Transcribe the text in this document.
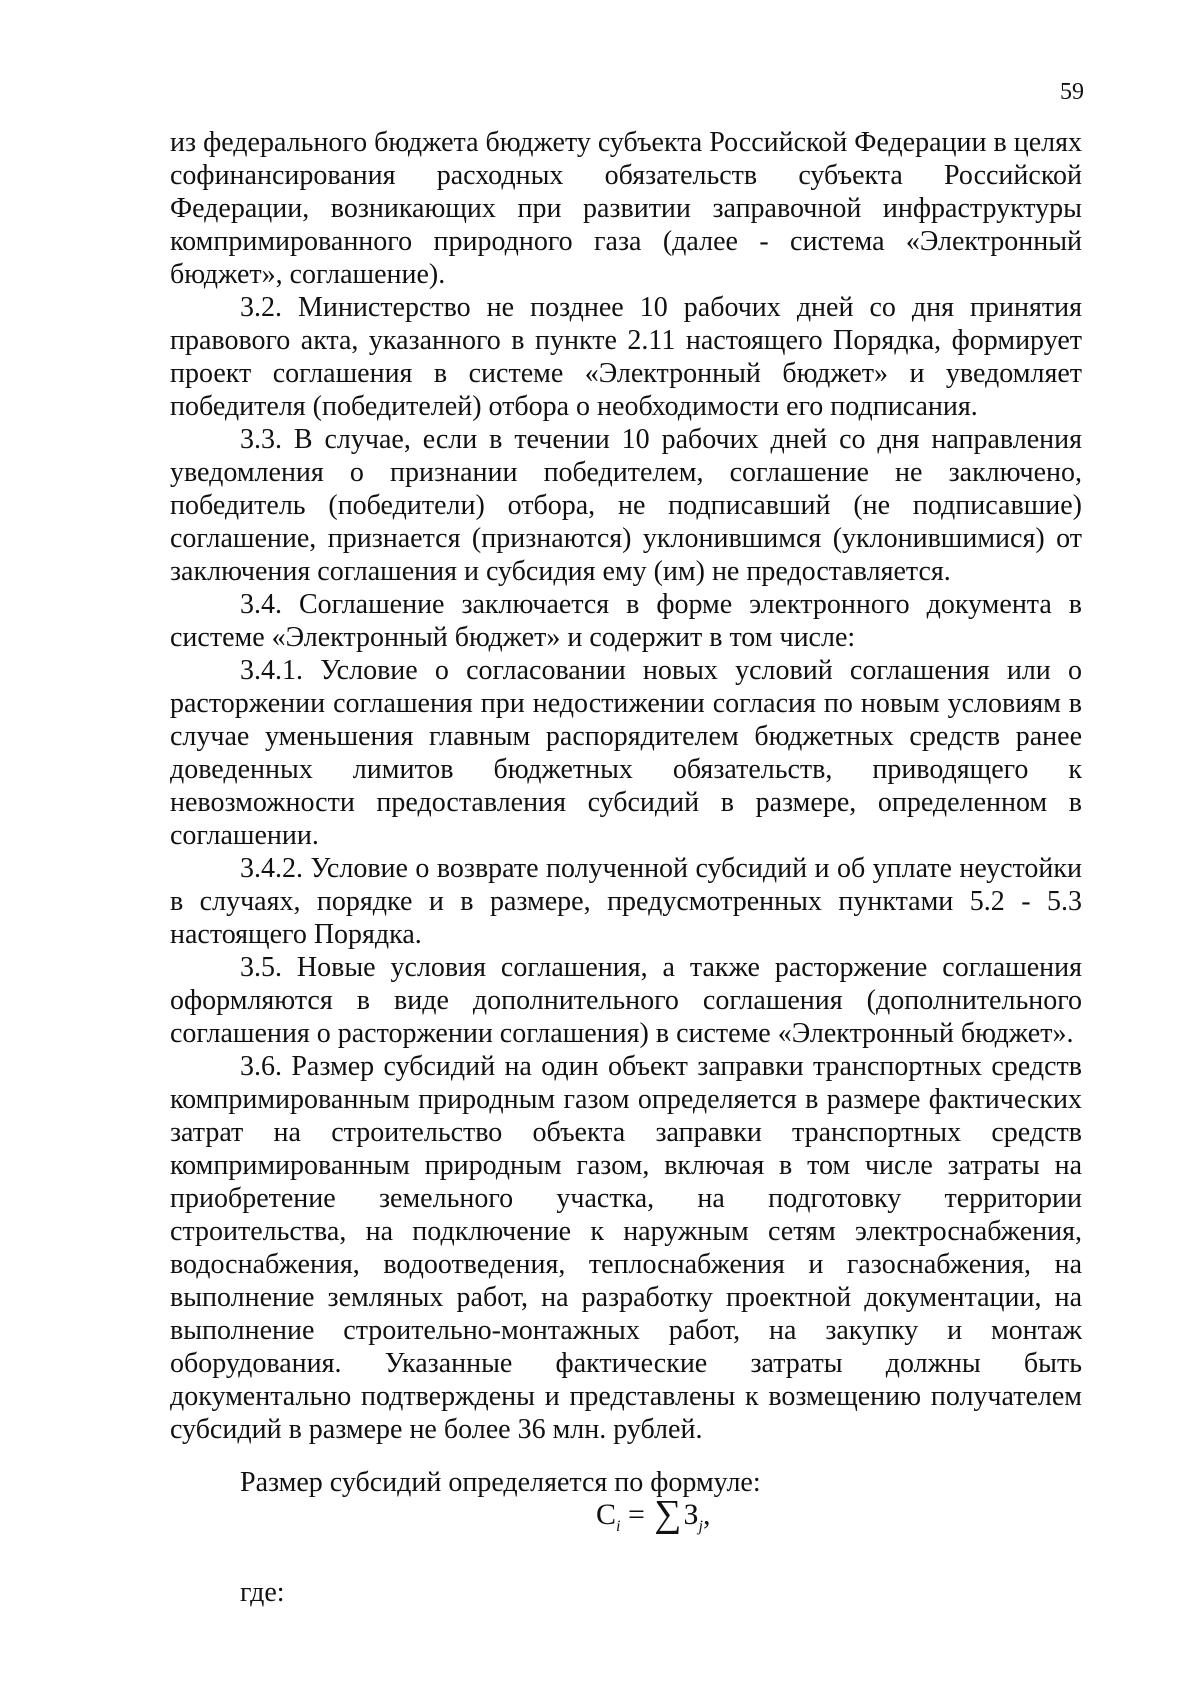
59

из федерального бюджета бюджету субъекта Российской Федерации в целях софинансирования расходных обязательств субъекта Российской Федерации, возникающих при развитии заправочной инфраструктуры компримированного природного газа (далее - система «Электронный бюджет», соглашение).

3.2. Министерство не позднее 10 рабочих дней со дня принятия правового акта, указанного в пункте 2.11 настоящего Порядка, формирует проект соглашения в системе «Электронный бюджет» и уведомляет победителя (победителей) отбора о необходимости его подписания.

3.3. В случае, если в течении 10 рабочих дней со дня направления уведомления о признании победителем, соглашение не заключено, победитель (победители) отбора, не подписавший (не подписавшие) соглашение, признается (признаются) уклонившимся (уклонившимися) от заключения соглашения и субсидия ему (им) не предоставляется.

3.4. Соглашение заключается в форме электронного документа в системе «Электронный бюджет» и содержит в том числе:

3.4.1. Условие о согласовании новых условий соглашения или о расторжении соглашения при недостижении согласия по новым условиям в случае уменьшения главным распорядителем бюджетных средств ранее доведенных лимитов бюджетных обязательств, приводящего к невозможности предоставления субсидий в размере, определенном в соглашении.

3.4.2. Условие о возврате полученной субсидий и об уплате неустойки в случаях, порядке и в размере, предусмотренных пунктами 5.2 - 5.3 настоящего Порядка.

3.5. Новые условия соглашения, а также расторжение соглашения оформляются в виде дополнительного соглашения (дополнительного соглашения о расторжении соглашения) в системе «Электронный бюджет».

3.6. Размер субсидий на один объект заправки транспортных средств компримированным природным газом определяется в размере фактических затрат на строительство объекта заправки транспортных средств компримированным природным газом, включая в том числе затраты на приобретение земельного участка, на подготовку территории строительства, на подключение к наружным сетям электроснабжения, водоснабжения, водоотведения, теплоснабжения и газоснабжения, на выполнение земляных работ, на разработку проектной документации, на выполнение строительно-монтажных работ, на закупку и монтаж оборудования. Указанные фактические затраты должны быть документально подтверждены и представлены к возмещению получателем субсидий в размере не более 36 млн. рублей.

Размер субсидий определяется по формуле:

$С_i = \sum З_j$,
где:
